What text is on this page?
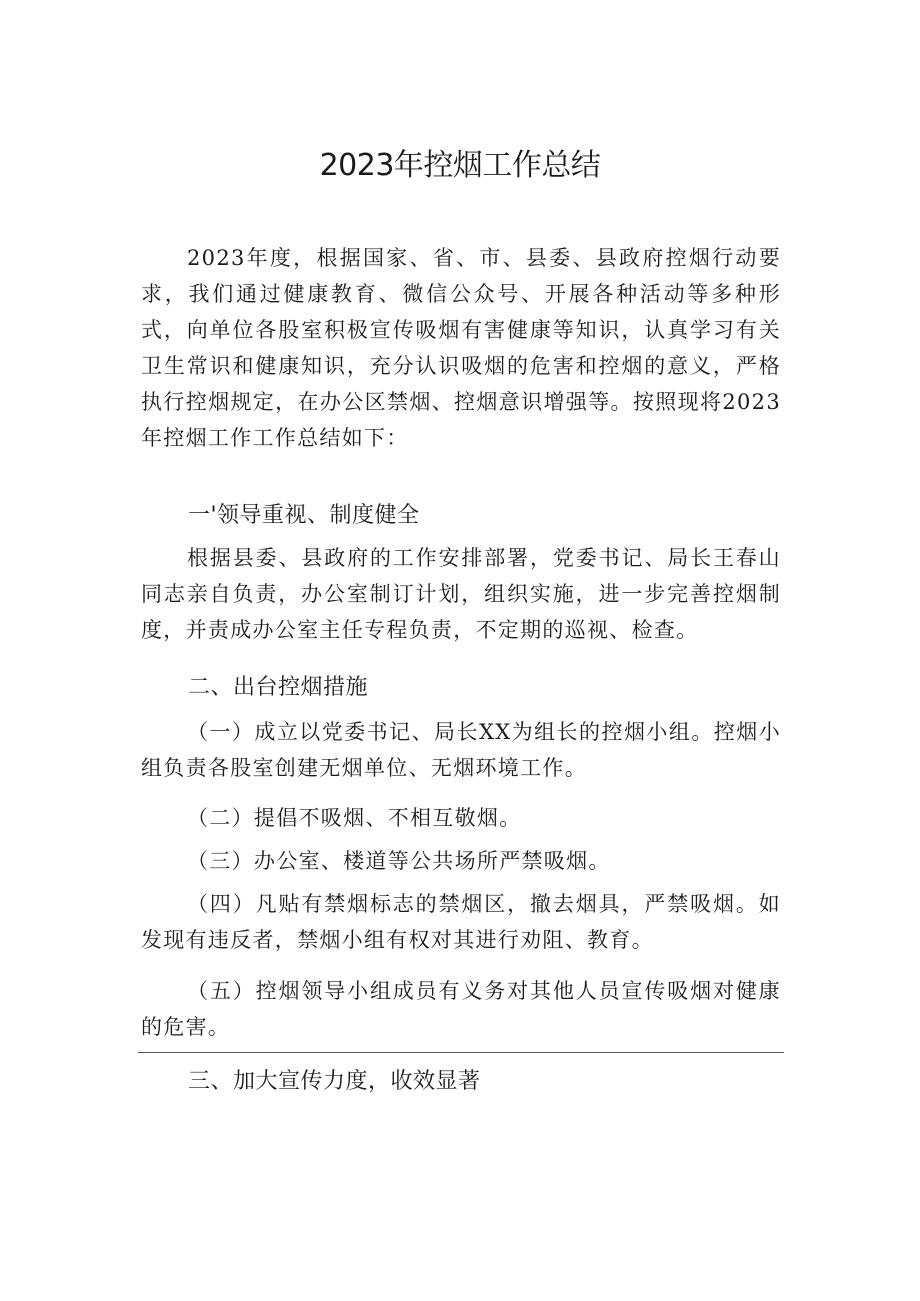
2023年控烟工作总结

2023年度，根据国家、省、市、县委、县政府控烟行动要求，我们通过健康教育、微信公众号、开展各种活动等多种形式，向单位各股室积极宣传吸烟有害健康等知识，认真学习有关卫生常识和健康知识，充分认识吸烟的危害和控烟的意义，严格执行控烟规定，在办公区禁烟、控烟意识增强等。按照现将2023年控烟工作工作总结如下：

一'领导重视、制度健全

根据县委、县政府的工作安排部署，党委书记、局长王春山同志亲自负责，办公室制订计划，组织实施，进一步完善控烟制度，并责成办公室主任专程负责，不定期的巡视、检查。

二、出台控烟措施

（一）成立以党委书记、局长XX为组长的控烟小组。控烟小组负责各股室创建无烟单位、无烟环境工作。

（二）提倡不吸烟、不相互敬烟。

（三）办公室、楼道等公共场所严禁吸烟。

（四）凡贴有禁烟标志的禁烟区，撤去烟具，严禁吸烟。如发现有违反者，禁烟小组有权对其进行劝阻、教育。

（五）控烟领导小组成员有义务对其他人员宣传吸烟对健康的危害。

三、加大宣传力度，收效显著
